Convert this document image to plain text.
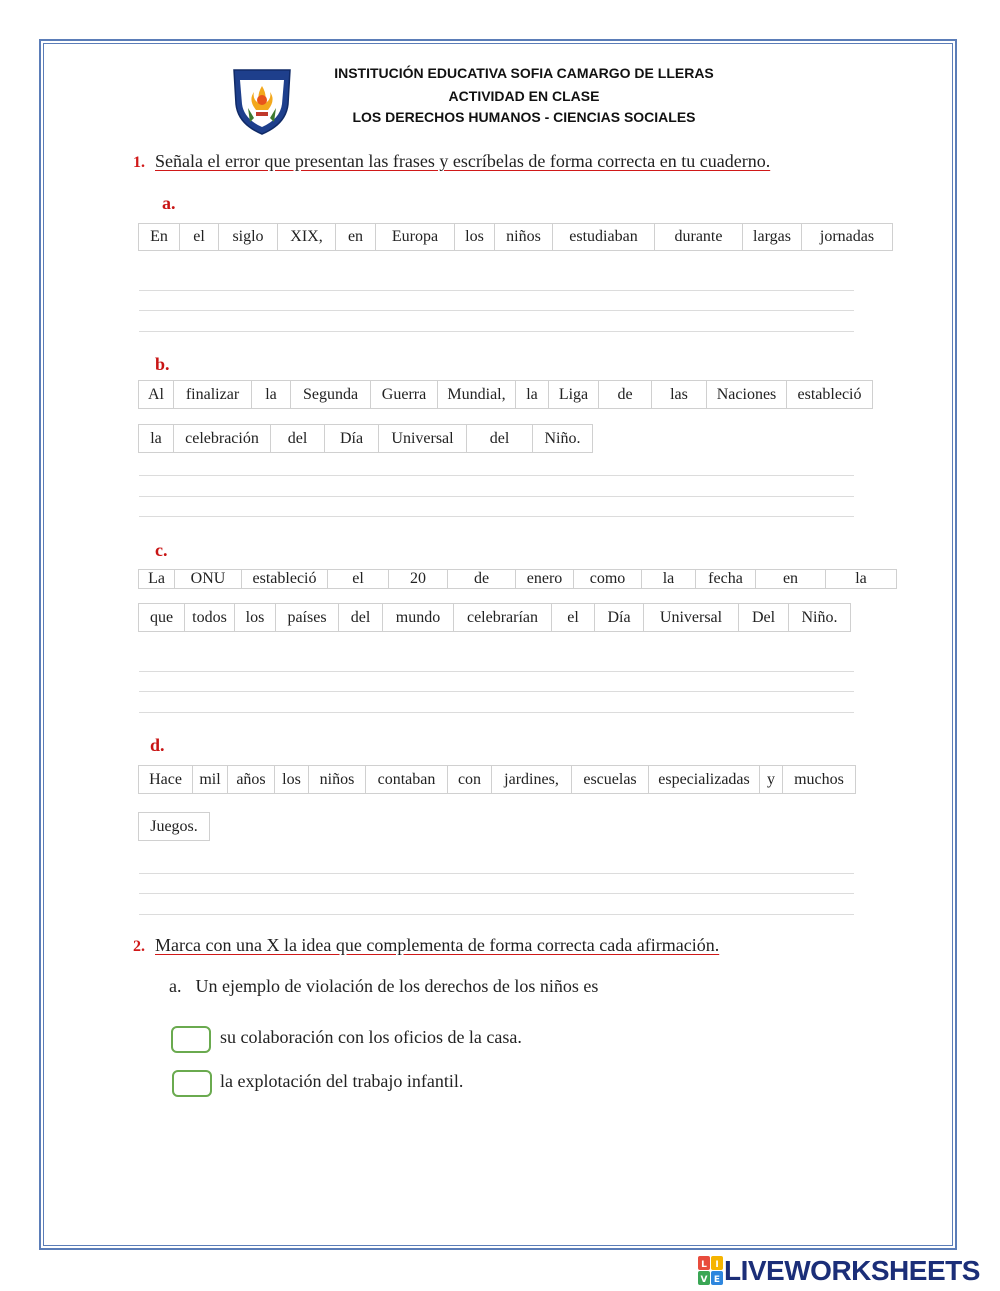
INSTITUCIÓN EDUCATIVA SOFIA CAMARGO DE LLERAS
ACTIVIDAD EN CLASE
LOS DERECHOS HUMANOS - CIENCIAS SOCIALES
1. Señala el error que presentan las frases y escríbelas de forma correcta en tu cuaderno.
a.
En	el	siglo	XIX,	en	Europa	los	niños	estudiaban	durante	largas	jornadas
b.
Al	finalizar	la	Segunda	Guerra	Mundial,	la	Liga	de	las	Naciones	estableció
la	celebración	del	Día	Universal	del	Niño.
c.
La	ONU	estableció	el	20	de	enero	como	la	fecha	en	la
que	todos	los	países	del	mundo	celebrarían	el	Día	Universal	Del	Niño.
d.
Hace	mil años	los	niños	contaban	con	jardines,	escuelas	especializadas	y	muchos
Juegos.
2. Marca con una X la idea que complementa de forma correcta cada afirmación.
a. Un ejemplo de violación de los derechos de los niños es
su colaboración con los oficios de la casa.
la explotación del trabajo infantil.
L I
V E LIVEWORKSHEETS
